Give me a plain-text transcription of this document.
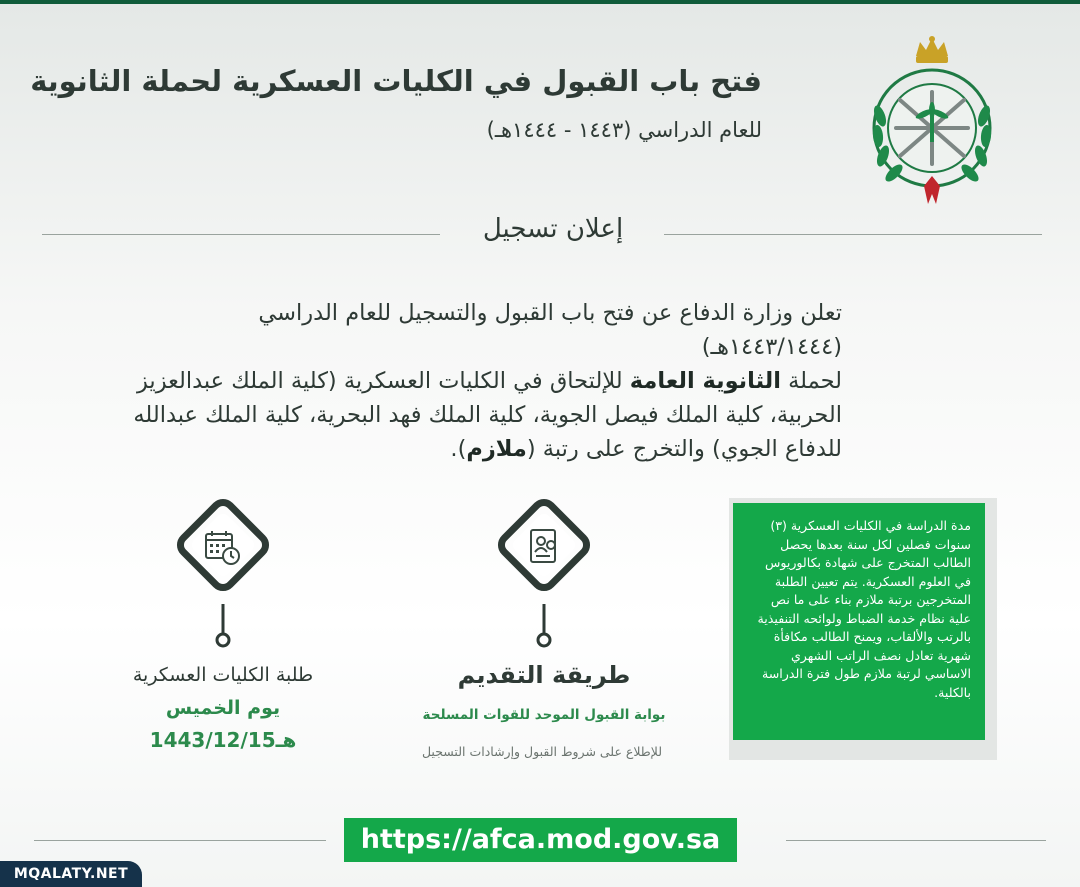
فتح باب القبول في الكليات العسكرية لحملة الثانوية
للعام الدراسي (١٤٤٣ - ١٤٤٤هـ)
إعلان تسجيل
تعلن وزارة الدفاع عن فتح باب القبول والتسجيل للعام الدراسي (١٤٤٣/١٤٤٤هـ)
لحملة الثانوية العامة للإلتحاق في الكليات العسكرية (كلية الملك عبدالعزيز
الحربية، كلية الملك فيصل الجوية، كلية الملك فهد البحرية، كلية الملك عبدالله
للدفاع الجوي) والتخرج على رتبة (ملازم).
طلبة الكليات العسكرية
يوم الخميس
1443/12/15هـ
طريقة التقديم
بوابة القبول الموحد للقوات المسلحة
للإطلاع على شروط القبول وإرشادات التسجيل
مدة الدراسة في الكليات العسكرية (٣) سنوات فصلين لكل سنة بعدها يحصل الطالب المتخرج على شهادة بكالوريوس في العلوم العسكرية. يتم تعيين الطلبة المتخرجين برتبة ملازم بناء على ما نص علية نظام خدمة الضباط ولوائحه التنفيذية بالرتب والألقاب، ويمنح الطالب مكافأة شهرية تعادل نصف الراتب الشهري الاساسي لرتبة ملازم طول فترة الدراسة بالكلية.
https://afca.mod.gov.sa
MQALATY.NET
